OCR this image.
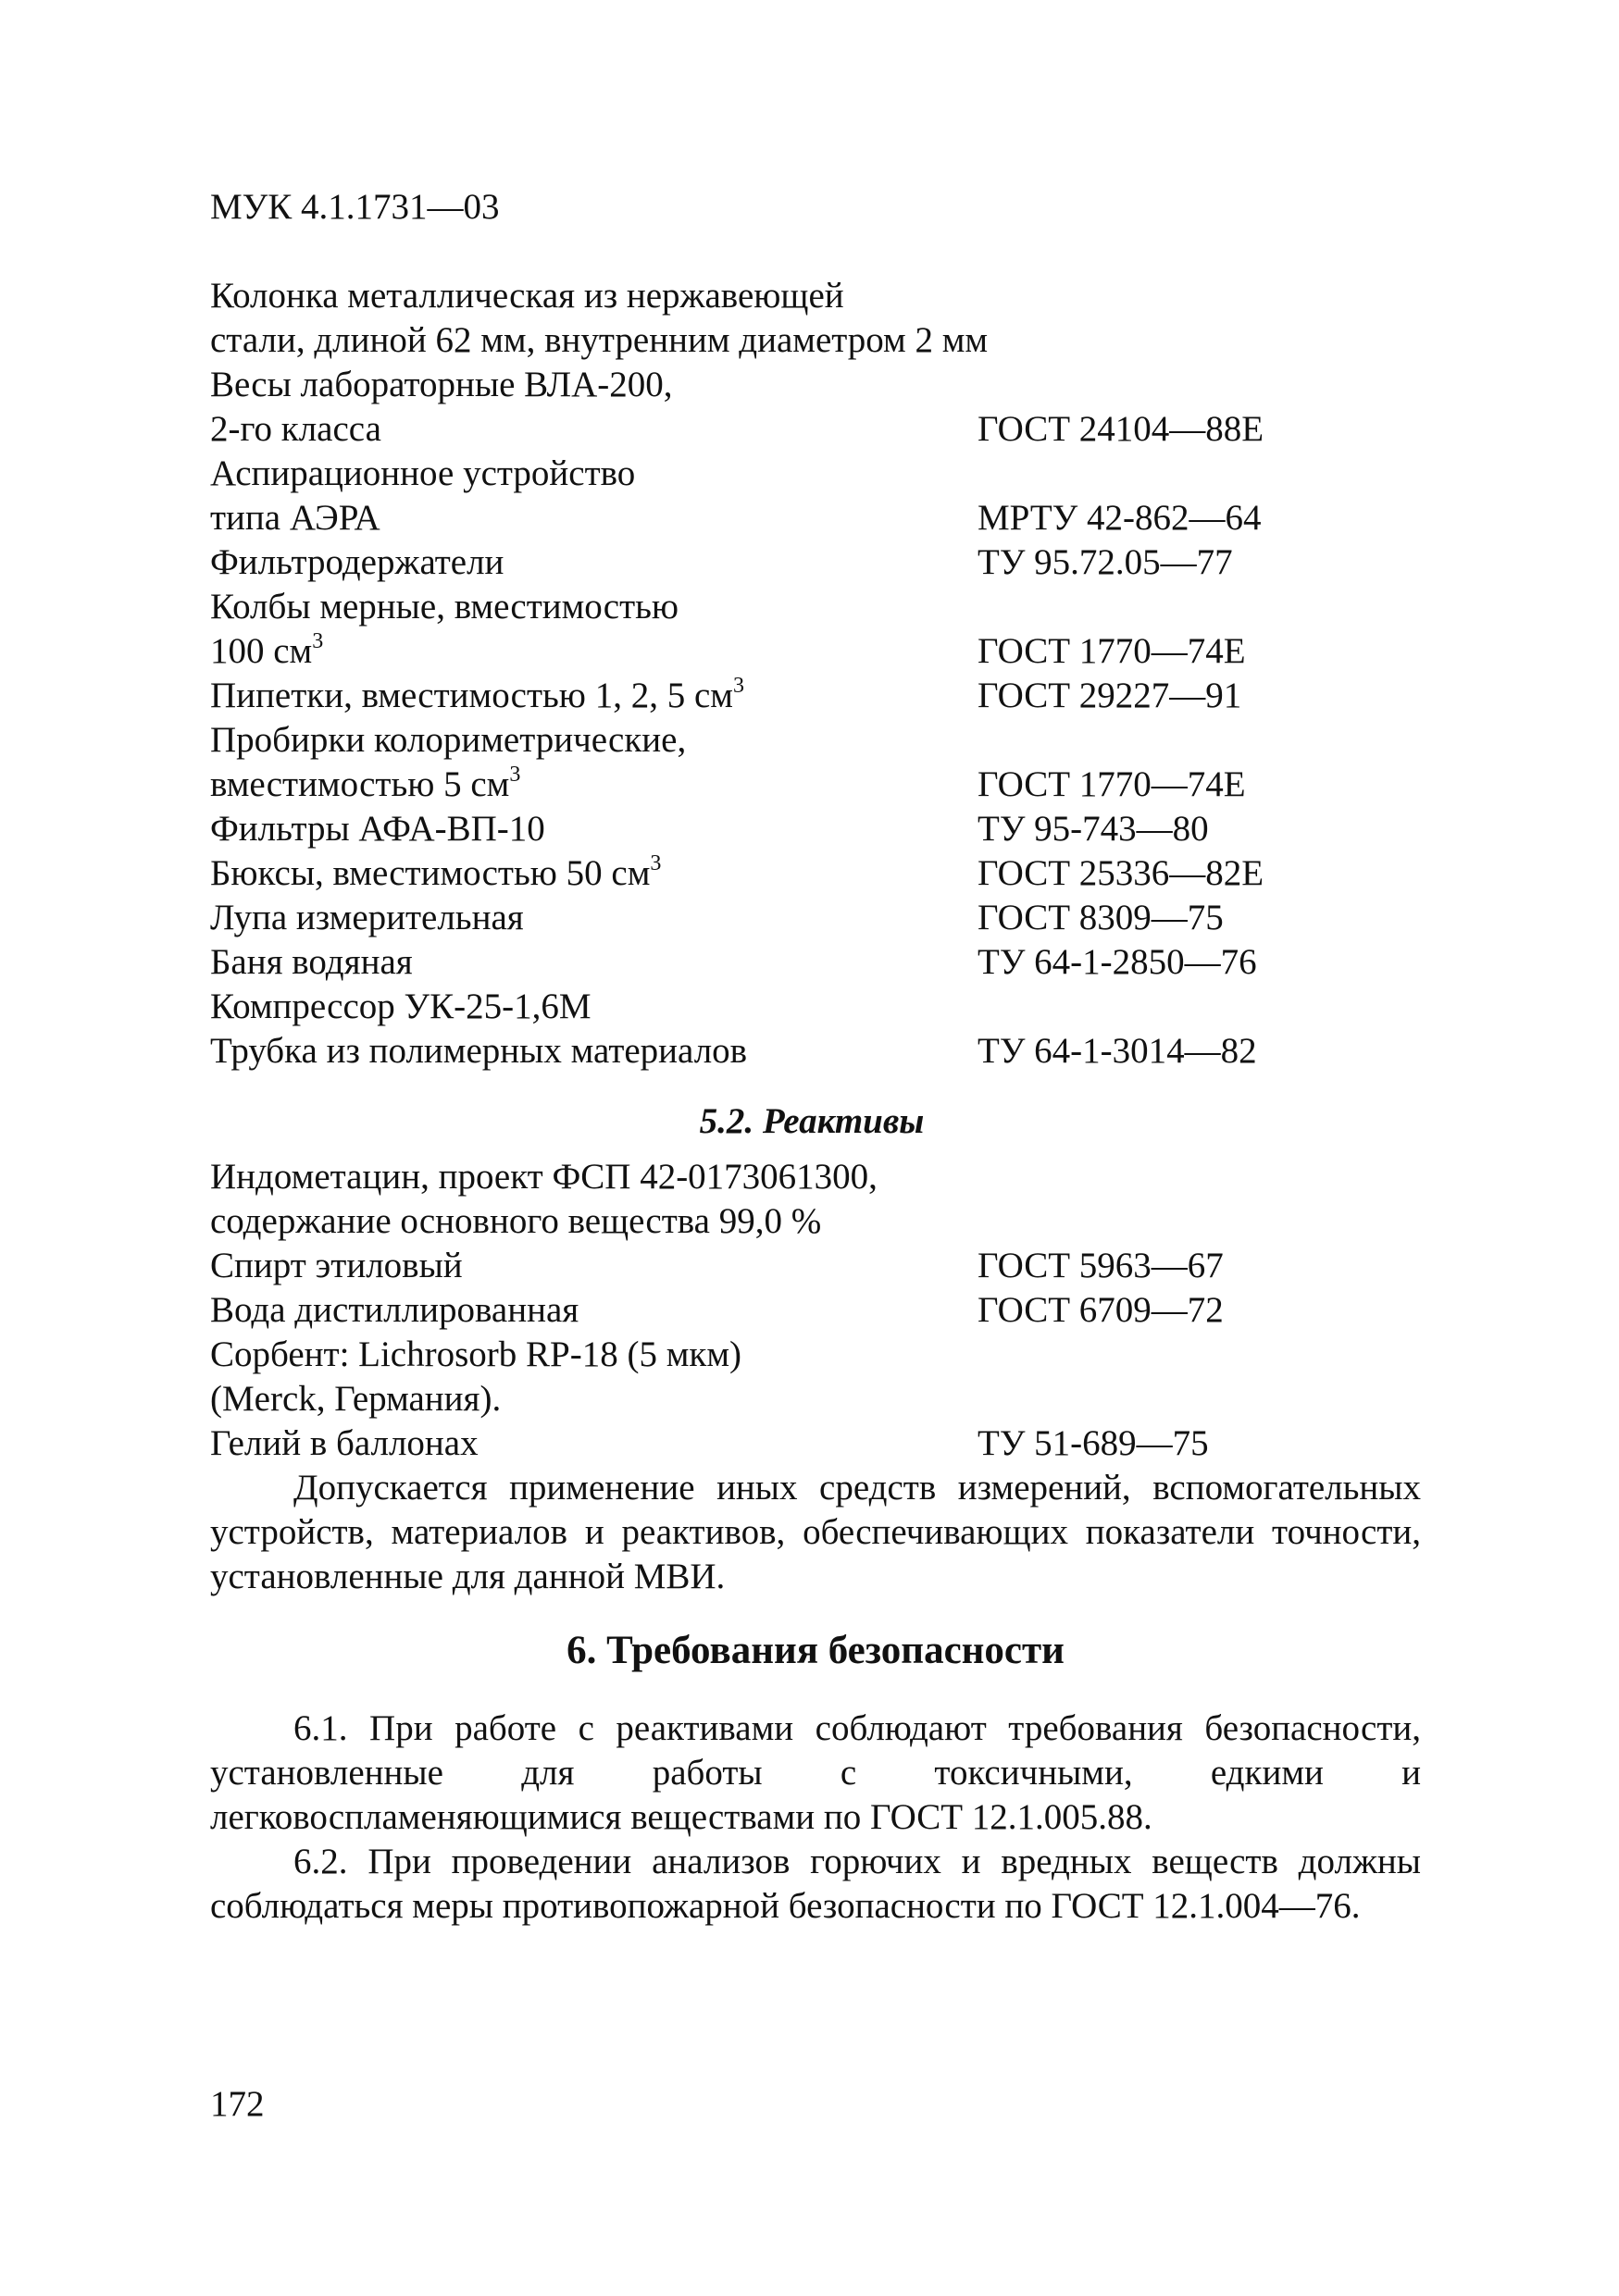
МУК 4.1.1731—03
Колонка металлическая из нержавеющей
стали, длиной 62 мм, внутренним диаметром 2 мм
Весы лабораторные ВЛА-200,
2-го класса	ГОСТ 24104—88Е
Аспирационное устройство
типа АЭРА	МРТУ 42-862—64
Фильтродержатели	ТУ 95.72.05—77
Колбы мерные, вместимостью
100 $см^3$	ГОСТ 1770—74Е
Пипетки, вместимостью 1, 2, 5 $см^3$	ГОСТ 29227—91
Пробирки колориметрические,
вместимостью 5 $см^3$	ГОСТ 1770—74Е
Фильтры АФА-ВП-10	ТУ 95-743—80
Бюксы, вместимостью 50 $см^3$	ГОСТ 25336—82Е
Лупа измерительная	ГОСТ 8309—75
Баня водяная	ТУ 64-1-2850—76
Компрессор УК-25-1,6М
Трубка из полимерных материалов	ТУ 64-1-3014—82
5.2. Реактивы
Индометацин, проект ФСП 42-0173061300,
содержание основного вещества 99,0 %
Спирт этиловый	ГОСТ 5963—67
Вода дистиллированная	ГОСТ 6709—72
Сорбент: Lichrosorb RP-18 (5 мкм)
(Merck, Германия).
Гелий в баллонах	ТУ 51-689—75
Допускается применение иных средств измерений, вспомогательных устройств, материалов и реактивов, обеспечивающих показатели точности, установленные для данной МВИ.
6. Требования безопасности
6.1. При работе с реактивами соблюдают требования безопасности, установленные для работы с токсичными, едкими и легковоспламеняющимися веществами по ГОСТ 12.1.005.88.
6.2. При проведении анализов горючих и вредных веществ должны соблюдаться меры противопожарной безопасности по ГОСТ 12.1.004—76.
172
